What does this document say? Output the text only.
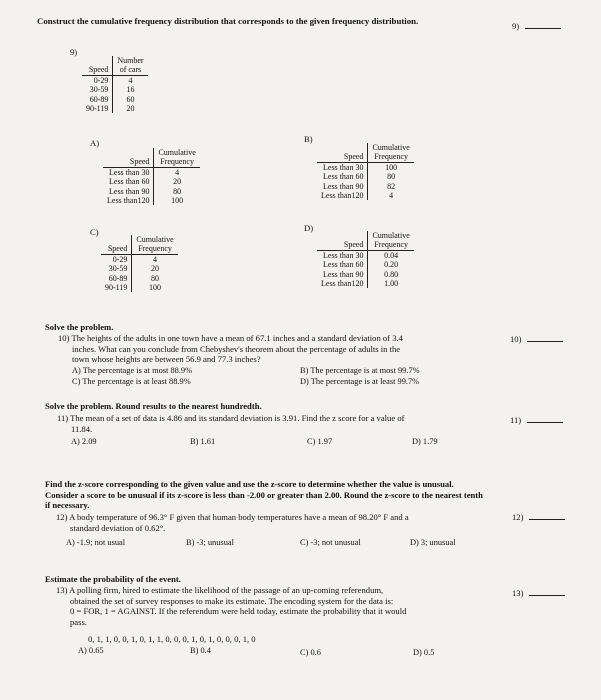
Construct the cumulative frequency distribution that corresponds to the given frequency distribution.	9)
9)
	Number
Speed	of cars
0-29	4
30-59	16
60-89	60
90-119	20
A)
	Cumulative
Speed	Frequency
Less than 30	4
Less than 60	20
Less than 90	80
Less than120	100
B)
	Cumulative
Speed	Frequency
Less than 30	100
Less than 60	80
Less than 90	82
Less than120	4
C)
	Cumulative
Speed	Frequency
0-29	4
30-59	20
60-89	80
90-119	100
D)
	Cumulative
Speed	Frequency
Less than 30	0.04
Less than 60	0.20
Less than 90	0.80
Less than120	1.00
Solve the problem.
10) The heights of the adults in one town have a mean of 67.1 inches and a standard deviation of 3.4
inches. What can you conclude from Chebyshev's theorem about the percentage of adults in the
town whose heights are between 56.9 and 77.3 inches?
10)
A) The percentage is at most 88.9%	B) The percentage is at most 99.7%
C) The percentage is at least 88.9%	D) The percentage is at least 99.7%
Solve the problem. Round results to the nearest hundredth.
11) The mean of a set of data is 4.86 and its standard deviation is 3.91. Find the z score for a value of
11.84.
11)
A) 2.09	B) 1.61	C) 1.97	D) 1.79
Find the z-score corresponding to the given value and use the z-score to determine whether the value is unusual.
Consider a score to be unusual if its z-score is less than -2.00 or greater than 2.00. Round the z-score to the nearest tenth
if necessary.
12) A body temperature of 96.3° F given that human body temperatures have a mean of 98.20° F and a
standard deviation of 0.62°.
12)
A) -1.9; not usual	B) -3; unusual	C) -3; not unusual	D) 3; unusual
Estimate the probability of the event.
13) A polling firm, hired to estimate the likelihood of the passage of an up-coming referendum,
obtained the set of survey responses to make its estimate. The encoding system for the data is:
0 = FOR, 1 = AGAINST. If the referendum were held today, estimate the probability that it would
pass.
13)
0, 1, 1, 0, 0, 1, 0, 1, 1, 0, 0, 0, 1, 0, 1, 0, 0, 0, 1, 0
A) 0.65	B) 0.4	C) 0.6	D) 0.5
